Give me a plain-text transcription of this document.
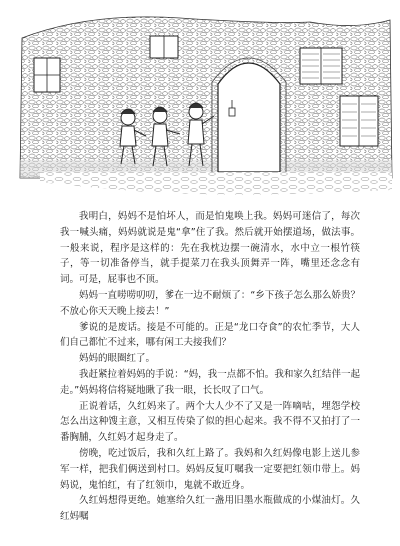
我明白，妈妈不是怕坏人，而是怕鬼唤上我。妈妈可迷信了，每次我一喊头痛，妈妈就说是鬼“拿”住了我。然后就开始摆道场，做法事。一般来说，程序是这样的：先在我枕边摆一碗清水，水中立一根竹筷子，等一切准备停当，就手提菜刀在我头顶舞弄一阵，嘴里还念念有词。可是，屁事也不顶。

妈妈一直唠唠叨叨，爹在一边不耐烦了：“乡下孩子怎么那么娇贵？不放心你天天晚上接去！”

爹说的是废话。接是不可能的。正是“龙口夺食”的农忙季节，大人们自己都忙不过来，哪有闲工夫接我们？

妈妈的眼圈红了。

我赶紧拉着妈妈的手说：“妈，我一点都不怕。我和家久红结伴一起走。”妈妈将信将疑地瞅了我一眼，长长叹了口气。

正说着话，久红妈来了。两个大人少不了又是一阵嘀咕，埋怨学校怎么出这种馊主意，又相互传染了似的担心起来。我不得不又拍打了一番胸脯，久红妈才起身走了。

傍晚，吃过饭后，我和久红上路了。我妈和久红妈像电影上送儿参军一样，把我们俩送到村口。妈妈反复叮嘱我一定要把红领巾带上。妈妈说，鬼怕红，有了红领巾，鬼就不敢近身。

久红妈想得更绝。她塞给久红一盏用旧墨水瓶做成的小煤油灯。久红妈嘱
